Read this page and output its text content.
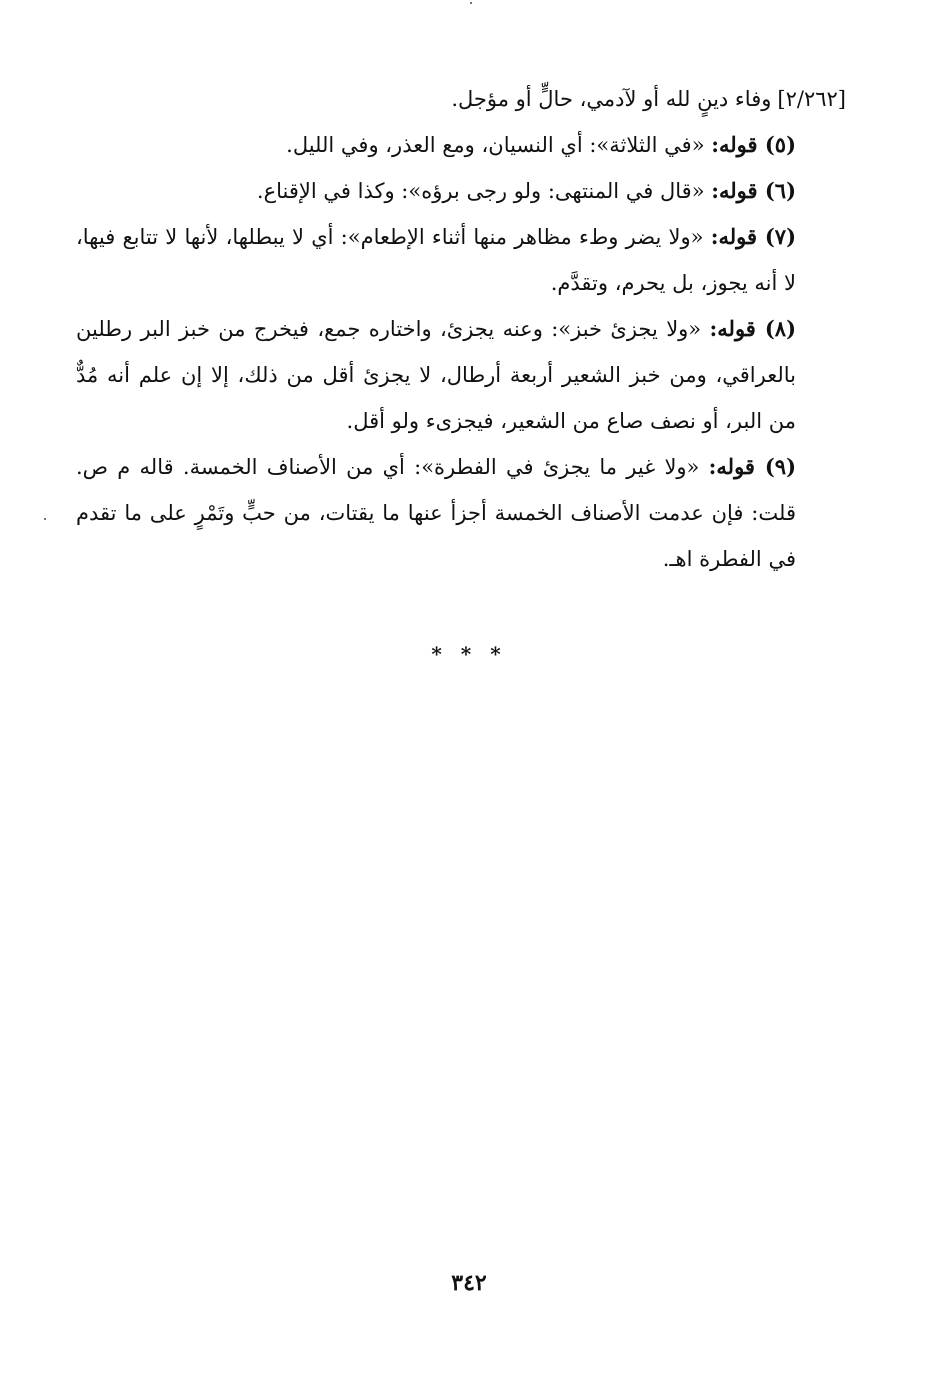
[٢/٢٦٢]وفاء دينٍ لله أو لآدمي، حالٍّ أو مؤجل.

(٥) قوله: «في الثلاثة»: أي النسيان، ومع العذر، وفي الليل.

(٦) قوله: «قال في المنتهى: ولو رجى برؤه»: وكذا في الإقناع.

(٧) قوله: «ولا يضر وطء مظاهر منها أثناء الإطعام»: أي لا يبطلها، لأنها لا تتابع فيها، لا أنه يجوز، بل يحرم، وتقدَّم.

(٨) قوله: «ولا يجزئ خبز»: وعنه يجزئ، واختاره جمع، فيخرج من خبز البر رطلين بالعراقي، ومن خبز الشعير أربعة أرطال، لا يجزئ أقل من ذلك، إلا إن علم أنه مُدٌّ من البر، أو نصف صاع من الشعير، فيجزىء ولو أقل.

(٩) قوله: «ولا غير ما يجزئ في الفطرة»: أي من الأصناف الخمسة. قاله م ص. قلت: فإن عدمت الأصناف الخمسة أجزأ عنها ما يقتات، من حبٍّ وتَمْرٍ على ما تقدم في الفطرة اهـ.

* * *
٣٤٢
